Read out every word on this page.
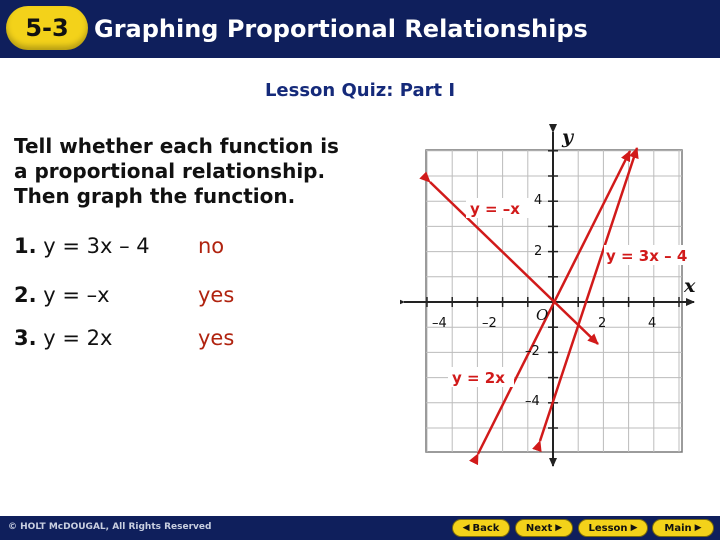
5-3	Graphing Proportional Relationships
Lesson Quiz: Part I
Tell whether each function is
a proportional relationship.
Then graph the function.
1. y = 3x – 4 no
2. y = –x	yes
3. y = 2x	yes
y
x
O
–4	–2	2	4
4
2
–2
–4
y = –x
y = 3x – 4
y = 2x
© HOLT McDOUGAL, All Rights Reserved	◀ Back	Next ▶	Lesson ▶	Main ▶
